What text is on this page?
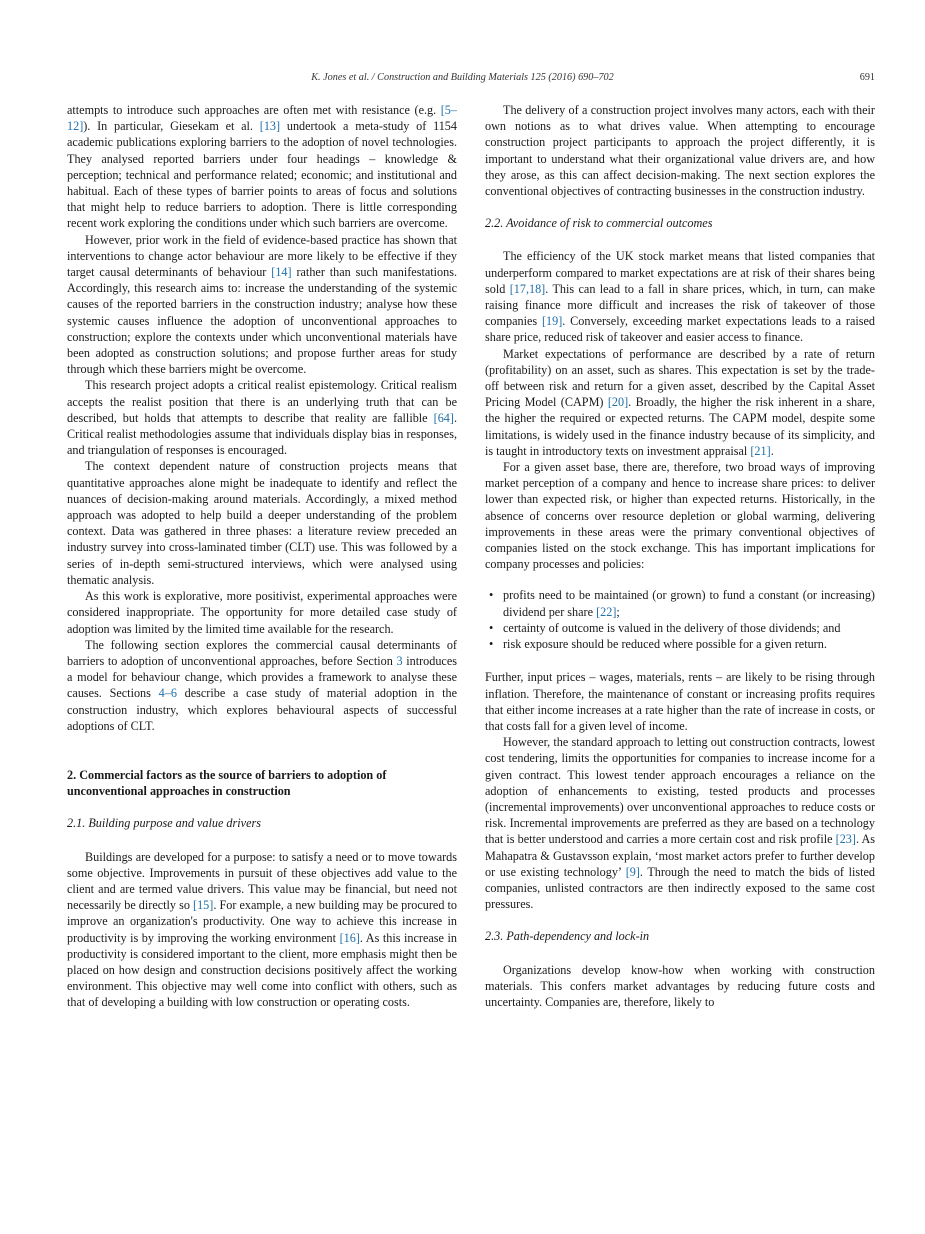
K. Jones et al. / Construction and Building Materials 125 (2016) 690–702	691

attempts to introduce such approaches are often met with resistance (e.g. [5–12]). In particular, Giesekam et al. [13] undertook a meta-study of 1154 academic publications exploring barriers to the adoption of novel technologies. They analysed reported barriers under four headings – knowledge & perception; technical and performance related; economic; and institutional and habitual. Each of these types of barrier points to areas of focus and solutions that might help to reduce barriers to adoption. There is little corresponding recent work exploring the conditions under which such barriers are overcome.

However, prior work in the field of evidence-based practice has shown that interventions to change actor behaviour are more likely to be effective if they target causal determinants of behaviour [14] rather than such manifestations. Accordingly, this research aims to: increase the understanding of the systemic causes of the reported barriers in the construction industry; analyse how these systemic causes influence the adoption of unconventional approaches to construction; explore the contexts under which unconventional materials have been adopted as construction solutions; and propose further areas for study through which these barriers might be overcome.

This research project adopts a critical realist epistemology. Critical realism accepts the realist position that there is an underlying truth that can be described, but holds that attempts to describe that reality are fallible [64]. Critical realist methodologies assume that individuals display bias in responses, and triangulation of responses is encouraged.

The context dependent nature of construction projects means that quantitative approaches alone might be inadequate to identify and reflect the nuances of decision-making around materials. Accordingly, a mixed method approach was adopted to help build a deeper understanding of the problem context. Data was gathered in three phases: a literature review preceded an industry survey into cross-laminated timber (CLT) use. This was followed by a series of in-depth semi-structured interviews, which were analysed using thematic analysis.

As this work is explorative, more positivist, experimental approaches were considered inappropriate. The opportunity for more detailed case study of adoption was limited by the limited time available for the research.

The following section explores the commercial causal determinants of barriers to adoption of unconventional approaches, before Section 3 introduces a model for behaviour change, which provides a framework to analyse these causes. Sections 4–6 describe a case study of material adoption in the construction industry, which explores behavioural aspects of successful adoptions of CLT.

2. Commercial factors as the source of barriers to adoption of unconventional approaches in construction
2.1. Building purpose and value drivers

Buildings are developed for a purpose: to satisfy a need or to move towards some objective. Improvements in pursuit of these objectives add value to the client and are termed value drivers. This value may be financial, but need not necessarily be directly so [15]. For example, a new building may be procured to improve an organization's productivity. One way to achieve this increase in productivity is by improving the working environment [16]. As this increase in productivity is considered important to the client, more emphasis might then be placed on how design and construction decisions positively affect the working environment. This objective may well come into conflict with others, such as that of developing a building with low construction or operating costs.

The delivery of a construction project involves many actors, each with their own notions as to what drives value. When attempting to encourage construction project participants to approach the project differently, it is important to understand what their organizational value drivers are, and how they arose, as this can affect decision-making. The next section explores the conventional objectives of contracting businesses in the construction industry.

2.2. Avoidance of risk to commercial outcomes

The efficiency of the UK stock market means that listed companies that underperform compared to market expectations are at risk of their shares being sold [17,18]. This can lead to a fall in share prices, which, in turn, can make raising finance more difficult and increases the risk of takeover of those companies [19]. Conversely, exceeding market expectations leads to a raised share price, reduced risk of takeover and easier access to finance.

Market expectations of performance are described by a rate of return (profitability) on an asset, such as shares. This expectation is set by the trade-off between risk and return for a given asset, described by the Capital Asset Pricing Model (CAPM) [20]. Broadly, the higher the risk inherent in a share, the higher the required or expected returns. The CAPM model, despite some limitations, is widely used in the finance industry because of its simplicity, and is taught in introductory texts on investment appraisal [21].

For a given asset base, there are, therefore, two broad ways of improving market perception of a company and hence to increase share prices: to deliver lower than expected risk, or higher than expected returns. Historically, in the absence of concerns over resource depletion or global warming, delivering improvements in these areas were the primary conventional objectives of companies listed on the stock exchange. This has important implications for company processes and policies:

• profits need to be maintained (or grown) to fund a constant (or increasing) dividend per share [22];
• certainty of outcome is valued in the delivery of those dividends; and
• risk exposure should be reduced where possible for a given return.

Further, input prices – wages, materials, rents – are likely to be rising through inflation. Therefore, the maintenance of constant or increasing profits requires that either income increases at a rate higher than the rate of increase in costs, or that costs fall for a given level of income.

However, the standard approach to letting out construction contracts, lowest cost tendering, limits the opportunities for companies to increase income for a given contract. This lowest tender approach encourages a reliance on the adoption of enhancements to existing, tested products and processes (incremental improvements) over unconventional approaches to reduce costs or risk. Incremental improvements are preferred as they are based on a technology that is better understood and carries a more certain cost and risk profile [23]. As Mahapatra & Gustavsson explain, ‘most market actors prefer to further develop or use existing technology’ [9]. Through the need to match the bids of listed companies, unlisted contractors are then indirectly exposed to the same cost pressures.

2.3. Path-dependency and lock-in

Organizations develop know-how when working with construction materials. This confers market advantages by reducing future costs and uncertainty. Companies are, therefore, likely to
